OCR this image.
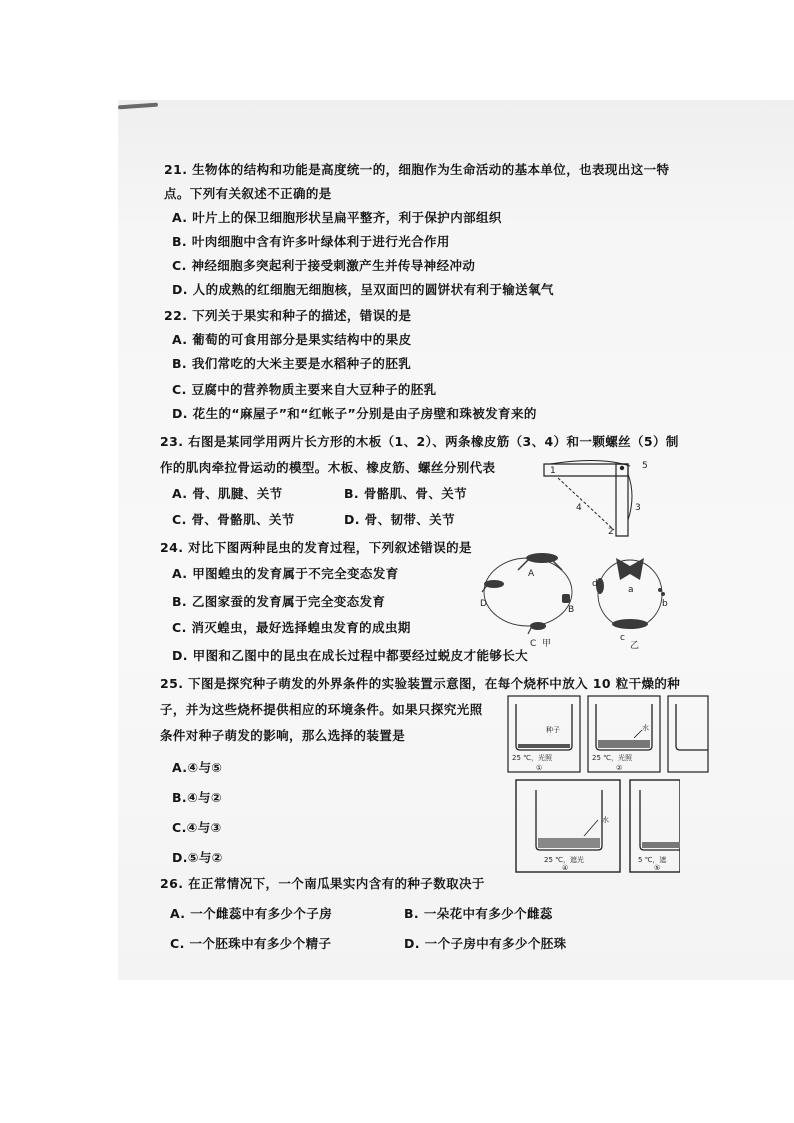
21. 生物体的结构和功能是高度统一的，细胞作为生命活动的基本单位，也表现出这一特
点。下列有关叙述不正确的是
A. 叶片上的保卫细胞形状呈扁平整齐，利于保护内部组织
B. 叶肉细胞中含有许多叶绿体利于进行光合作用
C. 神经细胞多突起利于接受刺激产生并传导神经冲动
D. 人的成熟的红细胞无细胞核，呈双面凹的圆饼状有利于输送氧气
22. 下列关于果实和种子的描述，错误的是
A. 葡萄的可食用部分是果实结构中的果皮
B. 我们常吃的大米主要是水稻种子的胚乳
C. 豆腐中的营养物质主要来自大豆种子的胚乳
D. 花生的“麻屋子”和“红帐子”分别是由子房壁和珠被发育来的
23. 右图是某同学用两片长方形的木板（1、2）、两条橡皮筋（3、4）和一颗螺丝（5）制
作的肌肉牵拉骨运动的模型。木板、橡皮筋、螺丝分别代表
A. 骨、肌腱、关节	B. 骨骼肌、骨、关节
C. 骨、骨骼肌、关节	D. 骨、韧带、关节
1
2
3
4
5
24. 对比下图两种昆虫的发育过程，下列叙述错误的是
A. 甲图蝗虫的发育属于不完全变态发育
B. 乙图家蚕的发育属于完全变态发育
C. 消灭蝗虫，最好选择蝗虫发育的成虫期
D. 甲图和乙图中的昆虫在成长过程中都要经过蜕皮才能够长大
A
B
C
D
甲
a
b
c
d
乙
25. 下图是探究种子萌发的外界条件的实验装置示意图，在每个烧杯中放入 10 粒干燥的种
子，并为这些烧杯提供相应的环境条件。如果只探究光照
条件对种子萌发的影响，那么选择的装置是
A.④与⑤
B.④与②
C.④与③
D.⑤与②
种子
25 ℃，光照
①
水
25 ℃，光照
②
水
25 ℃，遮光
④
5 ℃，遮
⑤
26. 在正常情况下，一个南瓜果实内含有的种子数取决于
A. 一个雌蕊中有多少个子房	B. 一朵花中有多少个雌蕊
C. 一个胚珠中有多少个精子	D. 一个子房中有多少个胚珠
